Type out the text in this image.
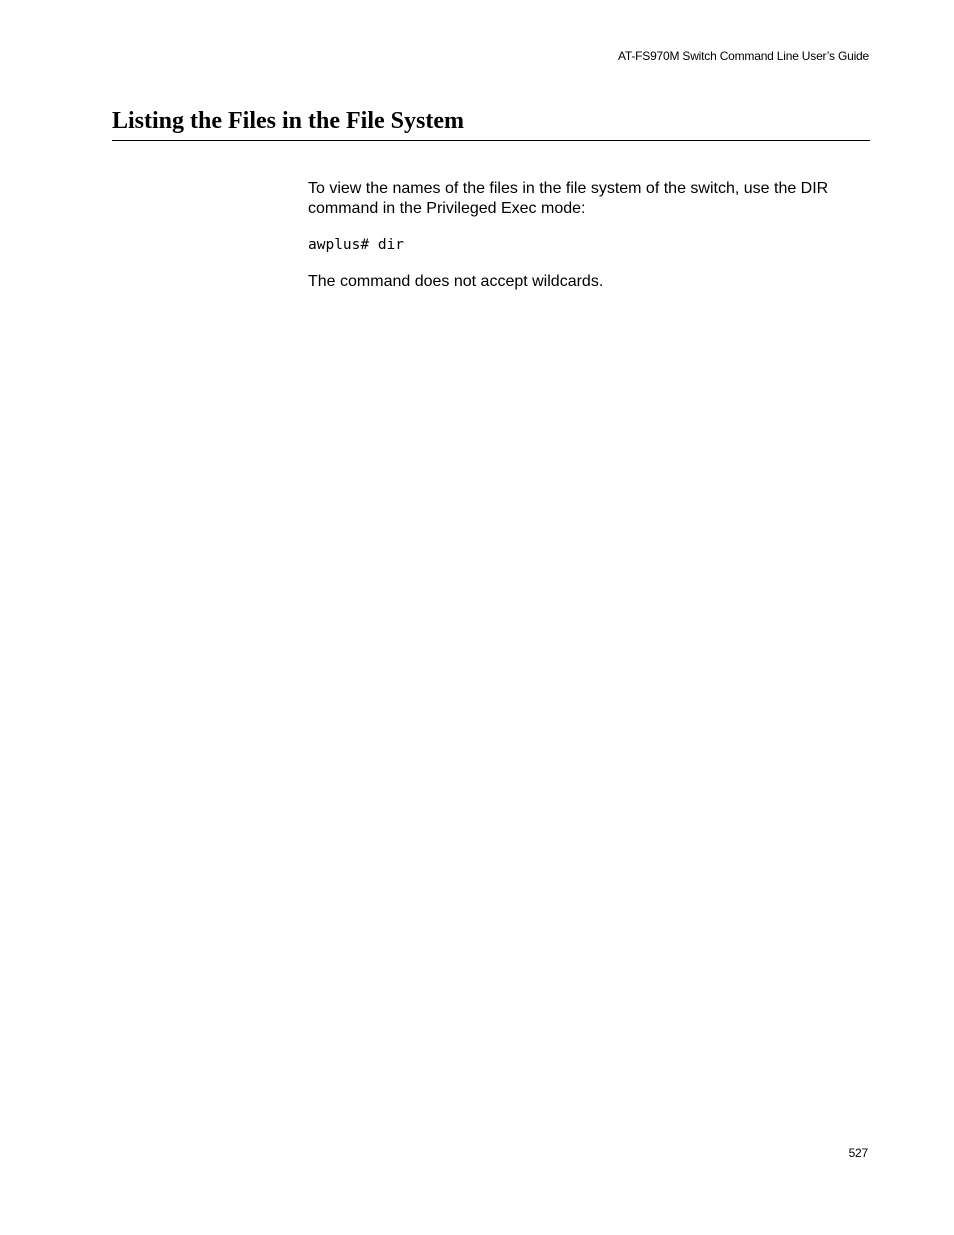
AT-FS970M Switch Command Line User’s Guide
Listing the Files in the File System

To view the names of the files in the file system of the switch, use the DIR command in the Privileged Exec mode:

awplus# dir

The command does not accept wildcards.

527
